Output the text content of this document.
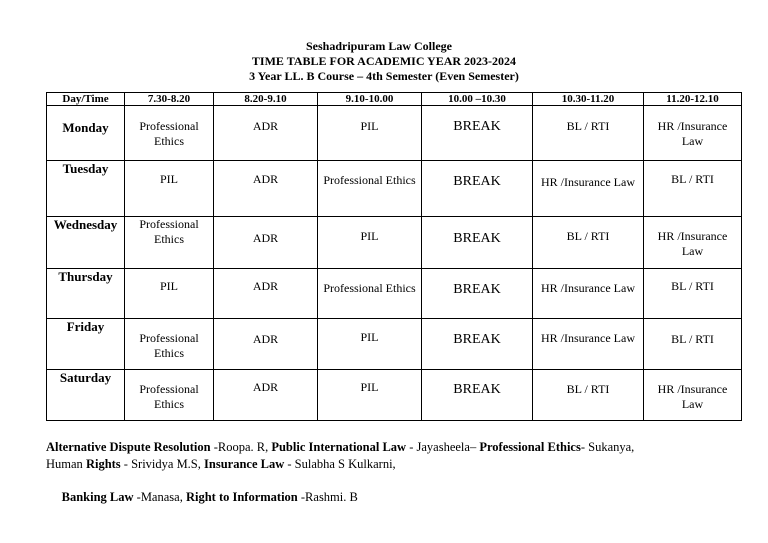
Seshadripuram Law College
TIME TABLE FOR ACADEMIC YEAR 2023-2024
3 Year LL. B Course – 4th Semester (Even Semester)
Day/Time	7.30-8.20	8.20-9.10	9.10-10.00	10.00 –10.30	10.30-11.20	11.20-12.10
Monday	Professional Ethics	ADR	PIL	BREAK	BL / RTI	HR /Insurance Law
Tuesday	PIL	ADR	Professional Ethics	BREAK	HR /Insurance Law	BL / RTI
Wednesday	Professional Ethics	ADR	PIL	BREAK	BL / RTI	HR /Insurance Law
Thursday	PIL	ADR	Professional Ethics	BREAK	HR /Insurance Law	BL / RTI
Friday	Professional Ethics	ADR	PIL	BREAK	HR /Insurance Law	BL / RTI
Saturday	Professional Ethics	ADR	PIL	BREAK	BL / RTI	HR /Insurance Law
Alternative Dispute Resolution -Roopa. R, Public International Law - Jayasheela– Professional Ethics- Sukanya,
Human Rights - Srividya M.S, Insurance Law - Sulabha S Kulkarni,

Banking Law -Manasa, Right to Information -Rashmi. B
